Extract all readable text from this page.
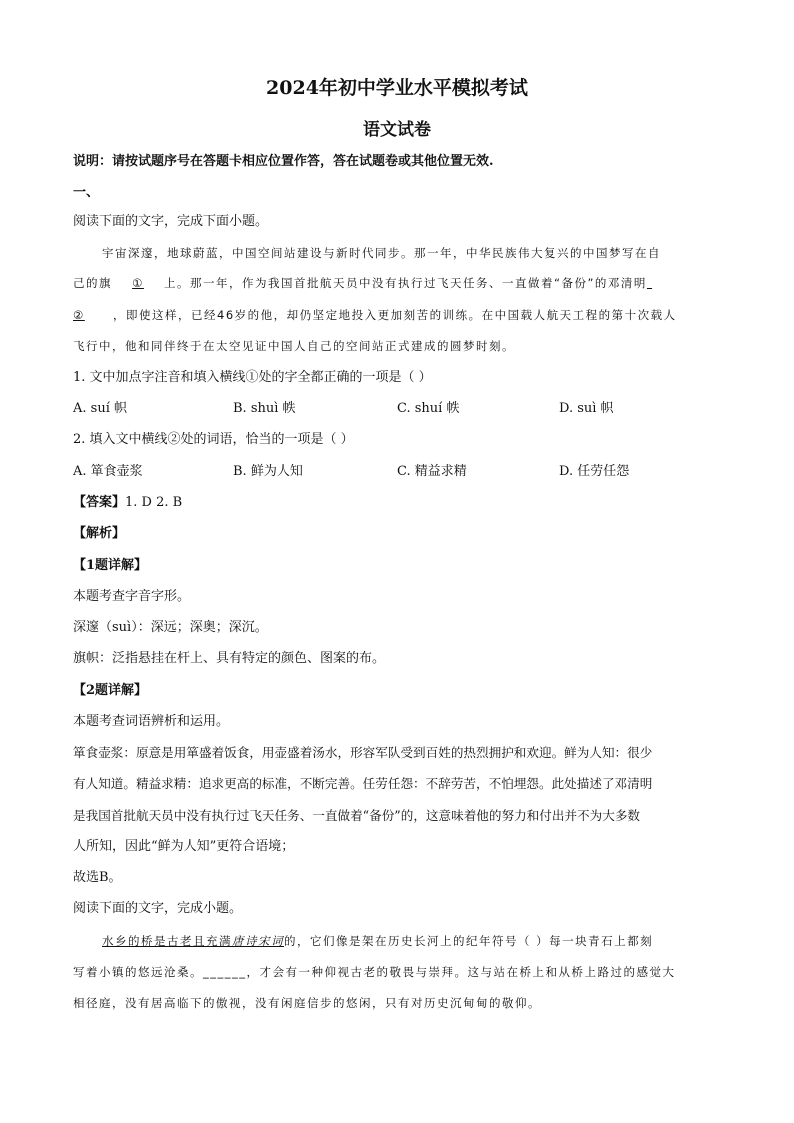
2024年初中学业水平模拟考试
语文试卷
说明：请按试题序号在答题卡相应位置作答，答在试题卷或其他位置无效.
一、
阅读下面的文字，完成下面小题。
宇宙深邃，地球蔚蓝，中国空间站建设与新时代同步。那一年，中华民族伟大复兴的中国梦写在自
己的旗 ① 上。那一年，作为我国首批航天员中没有执行过飞天任务、一直做着“备份”的邓清明
② ，即使这样，已经46岁的他，却仍坚定地投入更加刻苦的训练。在中国载人航天工程的第十次载人
飞行中，他和同伴终于在太空见证中国人自己的空间站正式建成的圆梦时刻。
1. 文中加点字注音和填入横线①处的字全都正确的一项是（ ）
A. suí 帜	B. shuì 帙	C. shuí 帙	D. suì 帜
2. 填入文中横线②处的词语，恰当的一项是（ ）
A. 箪食壶浆	B. 鲜为人知	C. 精益求精	D. 任劳任怨
【答案】1. D 2. B
【解析】
【1题详解】
本题考查字音字形。
深邃（suì）：深远；深奥；深沉。
旗帜：泛指悬挂在杆上、具有特定的颜色、图案的布。
【2题详解】
本题考查词语辨析和运用。
箪食壶浆：原意是用箪盛着饭食，用壶盛着汤水，形容军队受到百姓的热烈拥护和欢迎。鲜为人知：很少
有人知道。精益求精：追求更高的标准，不断完善。任劳任怨：不辞劳苦，不怕埋怨。此处描述了邓清明
是我国首批航天员中没有执行过飞天任务、一直做着“备份”的，这意味着他的努力和付出并不为大多数
人所知，因此“鲜为人知”更符合语境；
故选B。
阅读下面的文字，完成小题。
水乡的桥是古老且充满唐诗宋词的，它们像是架在历史长河上的纪年符号（ ）每一块青石上都刻
写着小镇的悠远沧桑。______，才会有一种仰视古老的敬畏与崇拜。这与站在桥上和从桥上路过的感觉大
相径庭，没有居高临下的傲视，没有闲庭信步的悠闲，只有对历史沉甸甸的敬仰。
